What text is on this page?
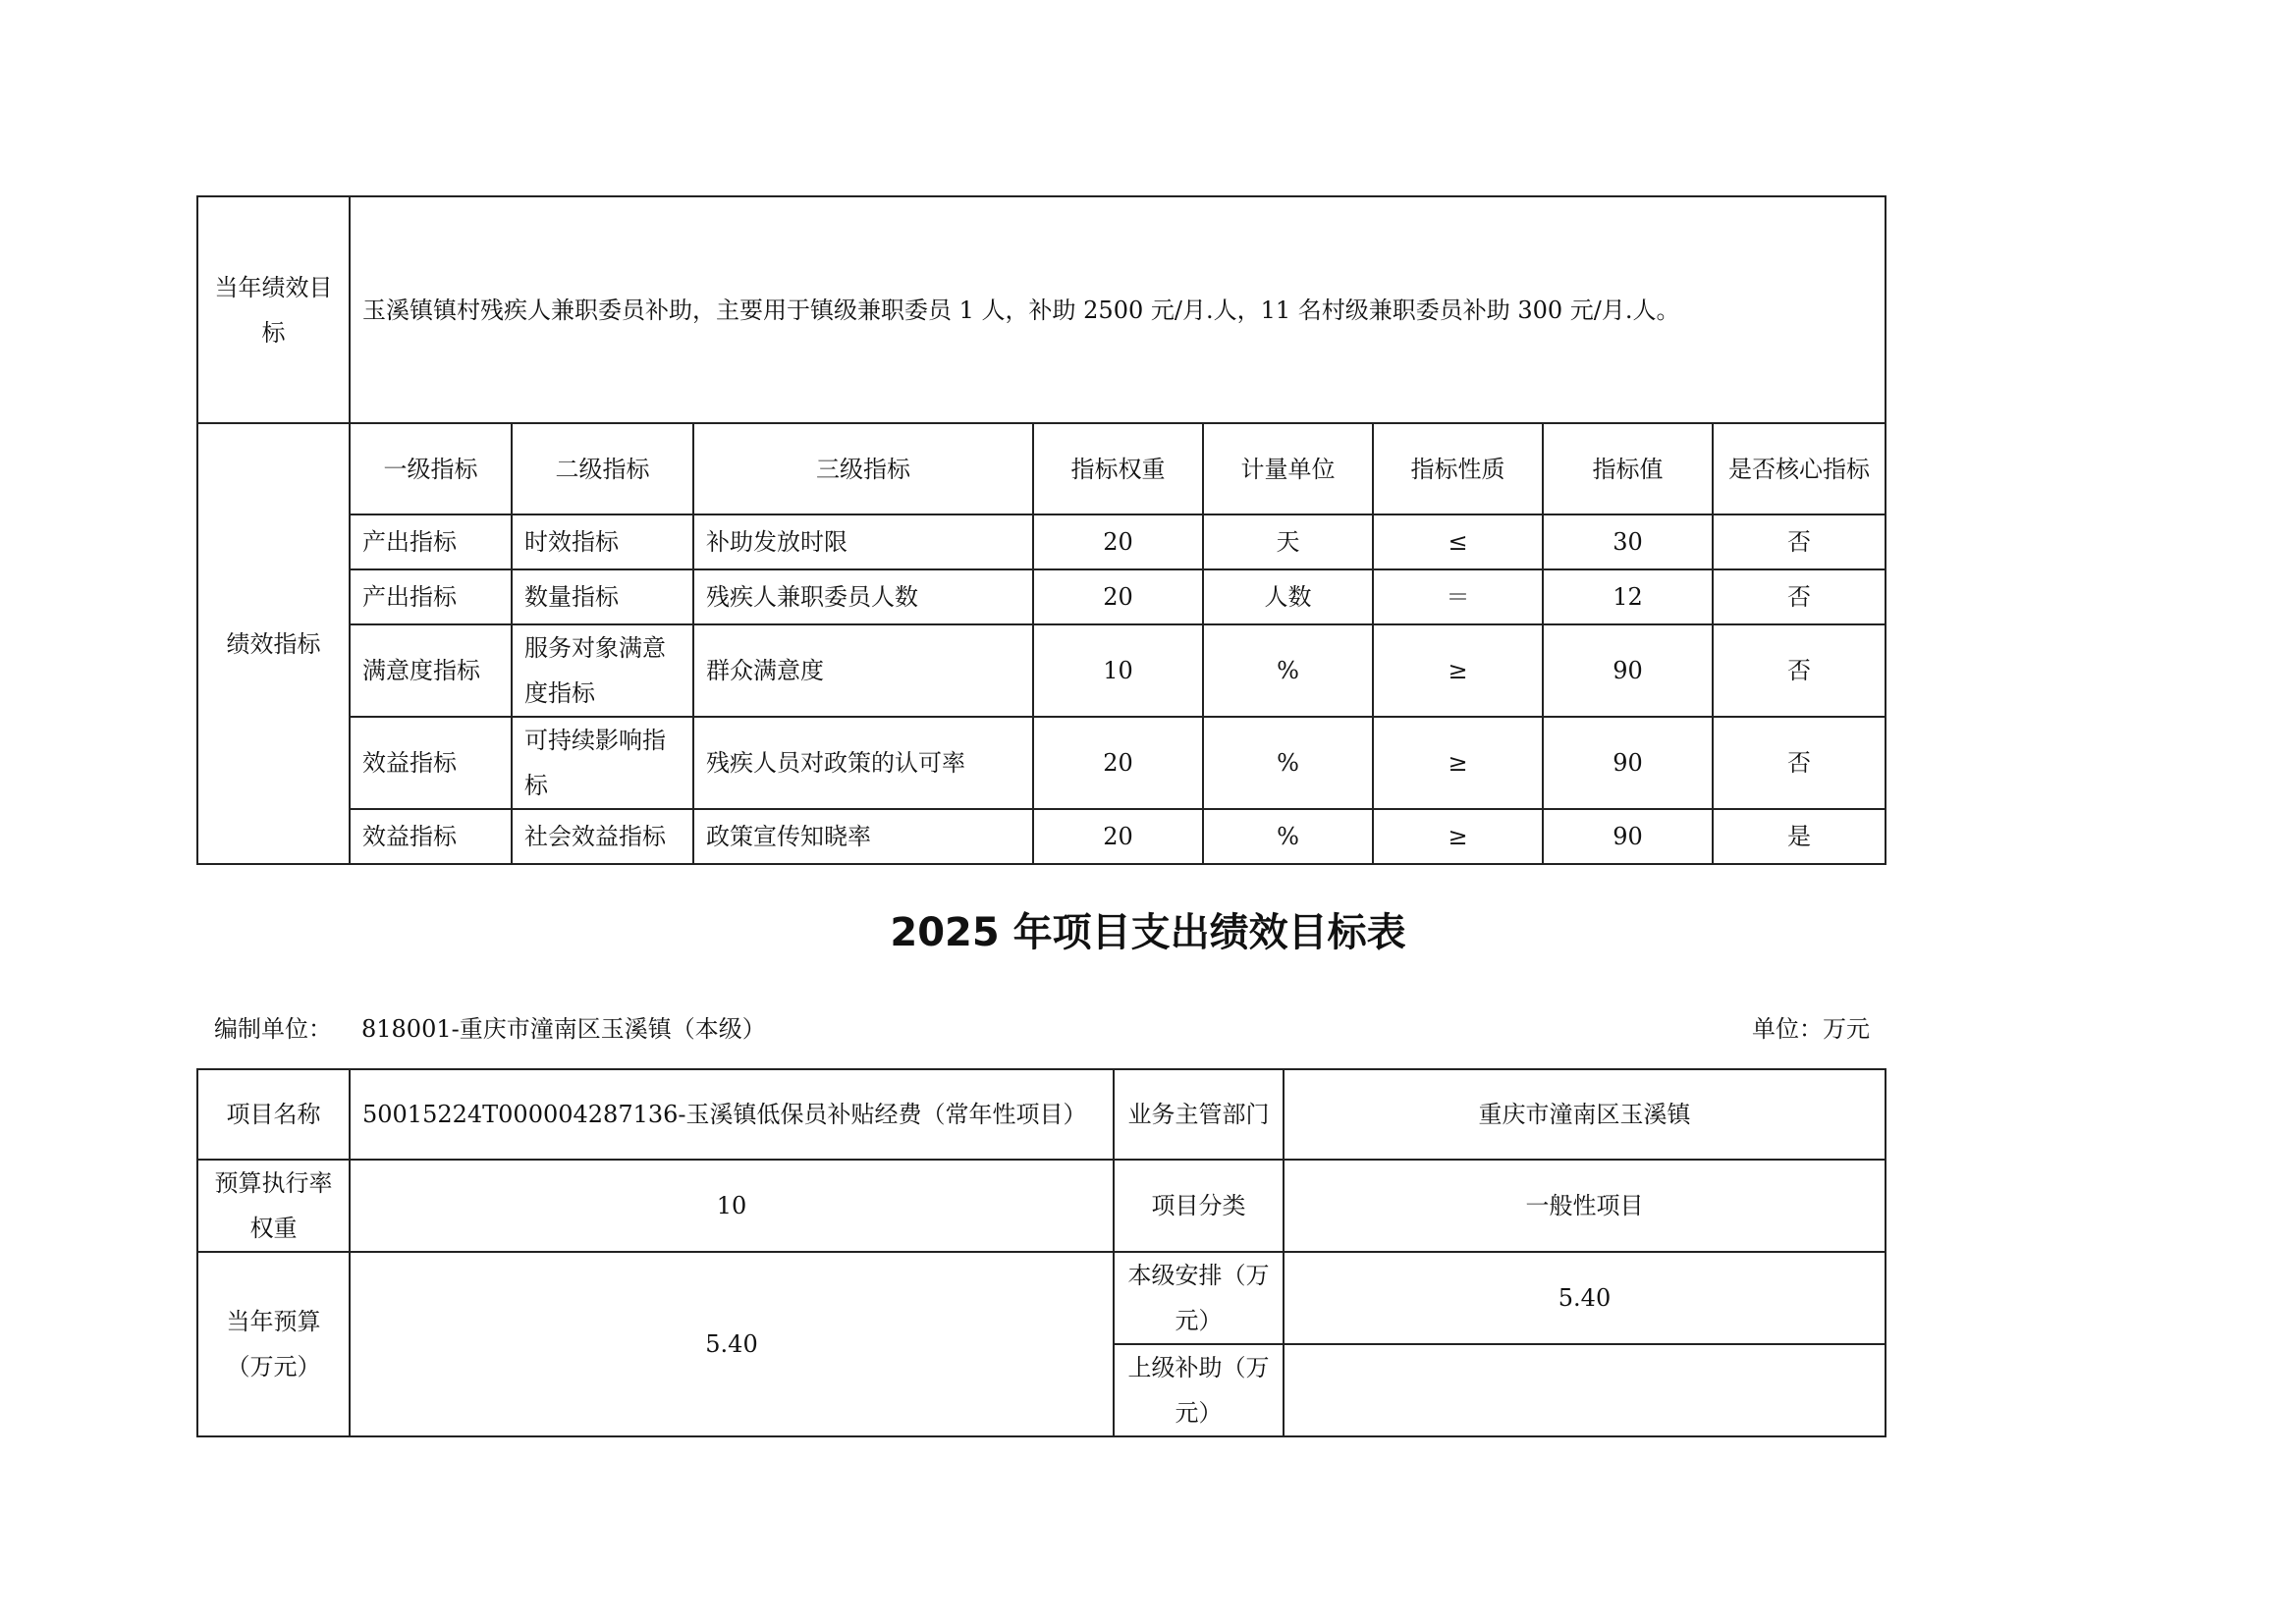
当年绩效目标	玉溪镇镇村残疾人兼职委员补助，主要用于镇级兼职委员 1 人，补助 2500 元/月.人，11 名村级兼职委员补助 300 元/月.人。							
绩效指标	一级指标	二级指标	三级指标	指标权重	计量单位	指标性质	指标值	是否核心指标
	产出指标	时效指标	补助发放时限	20	天	≤	30	否
	产出指标	数量指标	残疾人兼职委员人数	20	人数	＝	12	否
	满意度指标	服务对象满意度指标	群众满意度	10	%	≥	90	否
	效益指标	可持续影响指标	残疾人员对政策的认可率	20	%	≥	90	否
	效益指标	社会效益指标	政策宣传知晓率	20	%	≥	90	是
2025 年项目支出绩效目标表
编制单位： 818001-重庆市潼南区玉溪镇（本级）	单位：万元
项目名称	50015224T000004287136-玉溪镇低保员补贴经费（常年性项目）	业务主管部门	重庆市潼南区玉溪镇
预算执行率权重	10	项目分类	一般性项目
当年预算（万元）	5.40	本级安排（万元）	5.40
		上级补助（万元）	
